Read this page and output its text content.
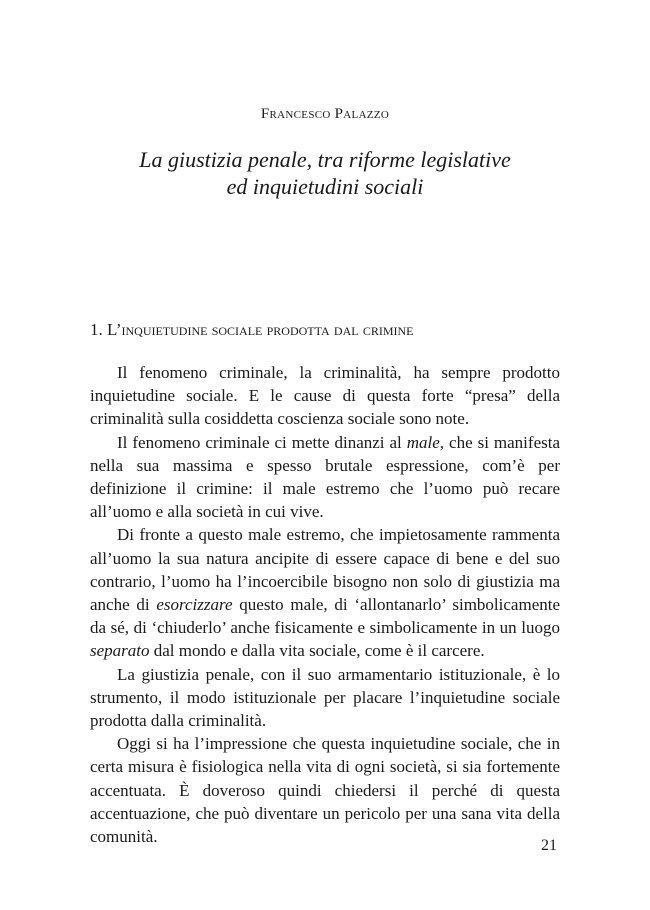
Francesco Palazzo
La giustizia penale, tra riforme legislative
ed inquietudini sociali
1. L’inquietudine sociale prodotta dal crimine

Il fenomeno criminale, la criminalità, ha sempre prodotto inquietudine sociale. E le cause di questa forte “presa” della criminalità sulla cosiddetta coscienza sociale sono note.

Il fenomeno criminale ci mette dinanzi al male, che si manifesta nella sua massima e spesso brutale espressione, com’è per definizione il crimine: il male estremo che l’uomo può recare all’uomo e alla società in cui vive.

Di fronte a questo male estremo, che impietosamente rammenta all’uomo la sua natura ancipite di essere capace di bene e del suo contrario, l’uomo ha l’incoercibile bisogno non solo di giustizia ma anche di esorcizzare questo male, di ‘allontanarlo’ simbolicamente da sé, di ‘chiuderlo’ anche fisicamente e simbolicamente in un luogo separato dal mondo e dalla vita sociale, come è il carcere.

La giustizia penale, con il suo armamentario istituzionale, è lo strumento, il modo istituzionale per placare l’inquietudine sociale prodotta dalla criminalità.

Oggi si ha l’impressione che questa inquietudine sociale, che in certa misura è fisiologica nella vita di ogni società, si sia fortemente accentuata. È doveroso quindi chiedersi il perché di questa accentuazione, che può diventare un pericolo per una sana vita della comunità.	21
